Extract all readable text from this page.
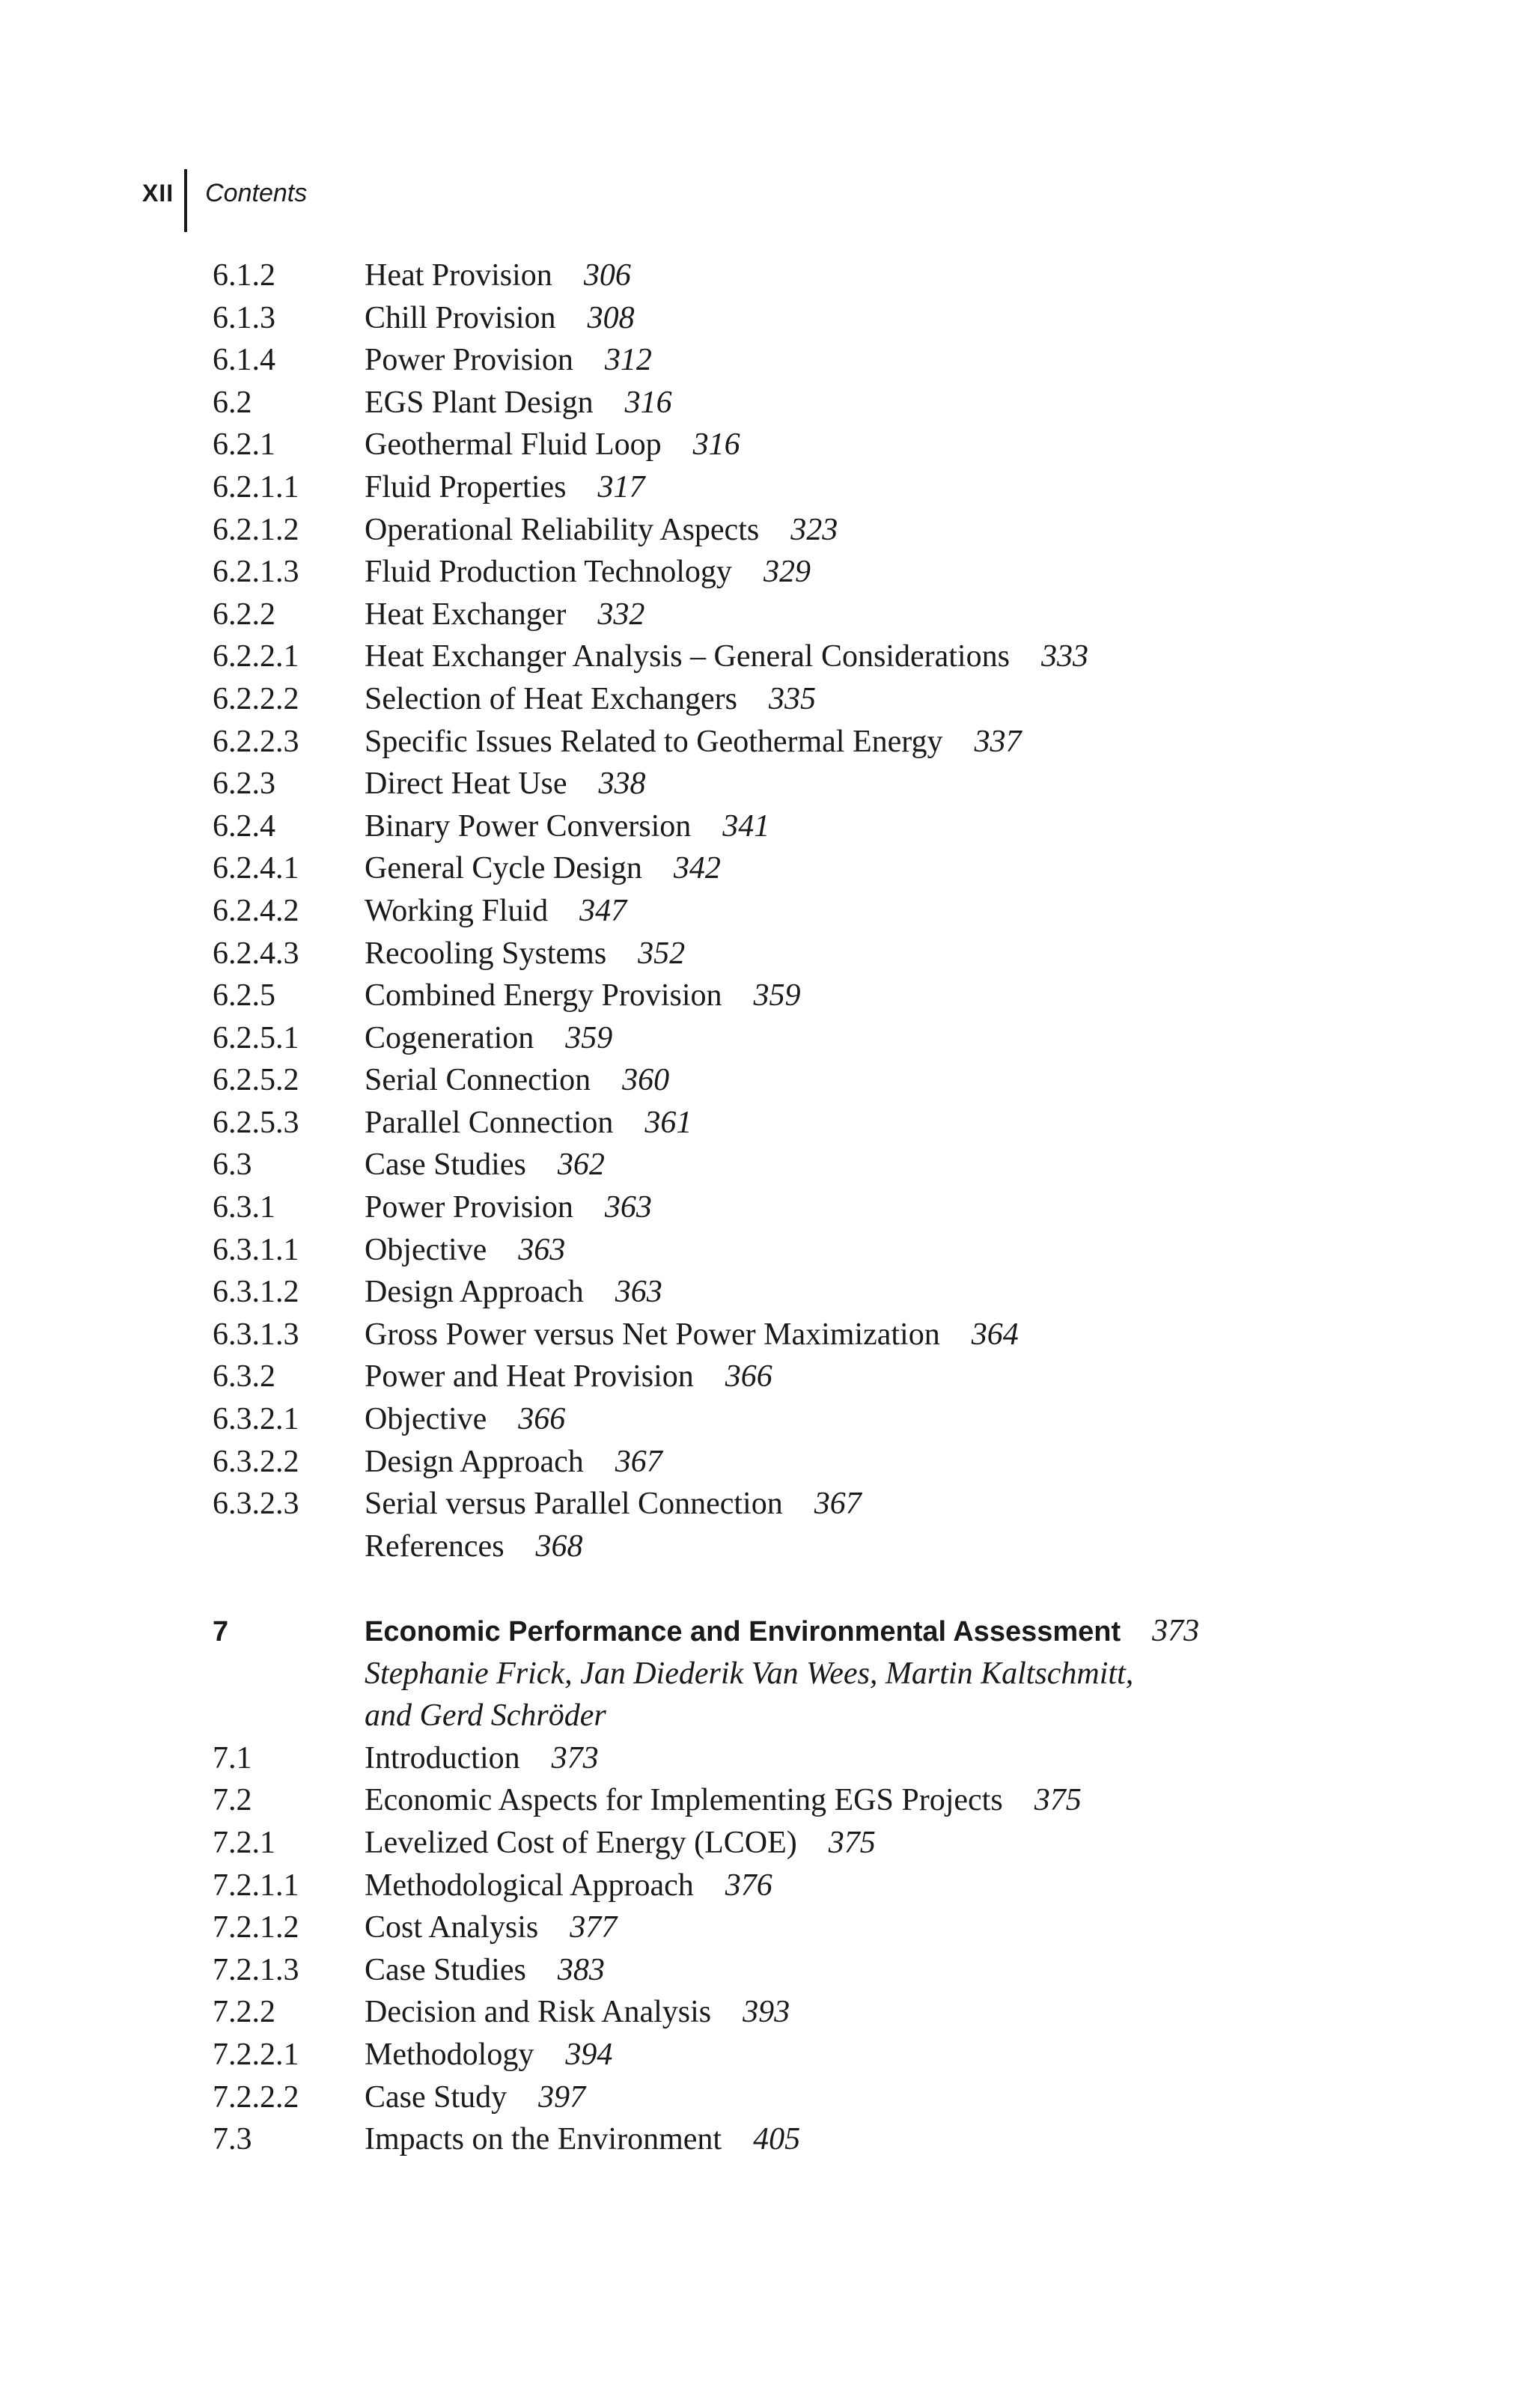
XII Contents
6.1.2	Heat Provision 306
6.1.3	Chill Provision 308
6.1.4	Power Provision 312
6.2	EGS Plant Design 316
6.2.1	Geothermal Fluid Loop 316
6.2.1.1	Fluid Properties 317
6.2.1.2	Operational Reliability Aspects 323
6.2.1.3	Fluid Production Technology 329
6.2.2	Heat Exchanger 332
6.2.2.1	Heat Exchanger Analysis – General Considerations 333
6.2.2.2	Selection of Heat Exchangers 335
6.2.2.3	Specific Issues Related to Geothermal Energy 337
6.2.3	Direct Heat Use 338
6.2.4	Binary Power Conversion 341
6.2.4.1	General Cycle Design 342
6.2.4.2	Working Fluid 347
6.2.4.3	Recooling Systems 352
6.2.5	Combined Energy Provision 359
6.2.5.1	Cogeneration 359
6.2.5.2	Serial Connection 360
6.2.5.3	Parallel Connection 361
6.3	Case Studies 362
6.3.1	Power Provision 363
6.3.1.1	Objective 363
6.3.1.2	Design Approach 363
6.3.1.3	Gross Power versus Net Power Maximization 364
6.3.2	Power and Heat Provision 366
6.3.2.1	Objective 366
6.3.2.2	Design Approach 367
6.3.2.3	Serial versus Parallel Connection 367
References 368
7	Economic Performance and Environmental Assessment 373
Stephanie Frick, Jan Diederik Van Wees, Martin Kaltschmitt,
and Gerd Schröder
7.1	Introduction 373
7.2	Economic Aspects for Implementing EGS Projects 375
7.2.1	Levelized Cost of Energy (LCOE) 375
7.2.1.1	Methodological Approach 376
7.2.1.2	Cost Analysis 377
7.2.1.3	Case Studies 383
7.2.2	Decision and Risk Analysis 393
7.2.2.1	Methodology 394
7.2.2.2	Case Study 397
7.3	Impacts on the Environment 405
